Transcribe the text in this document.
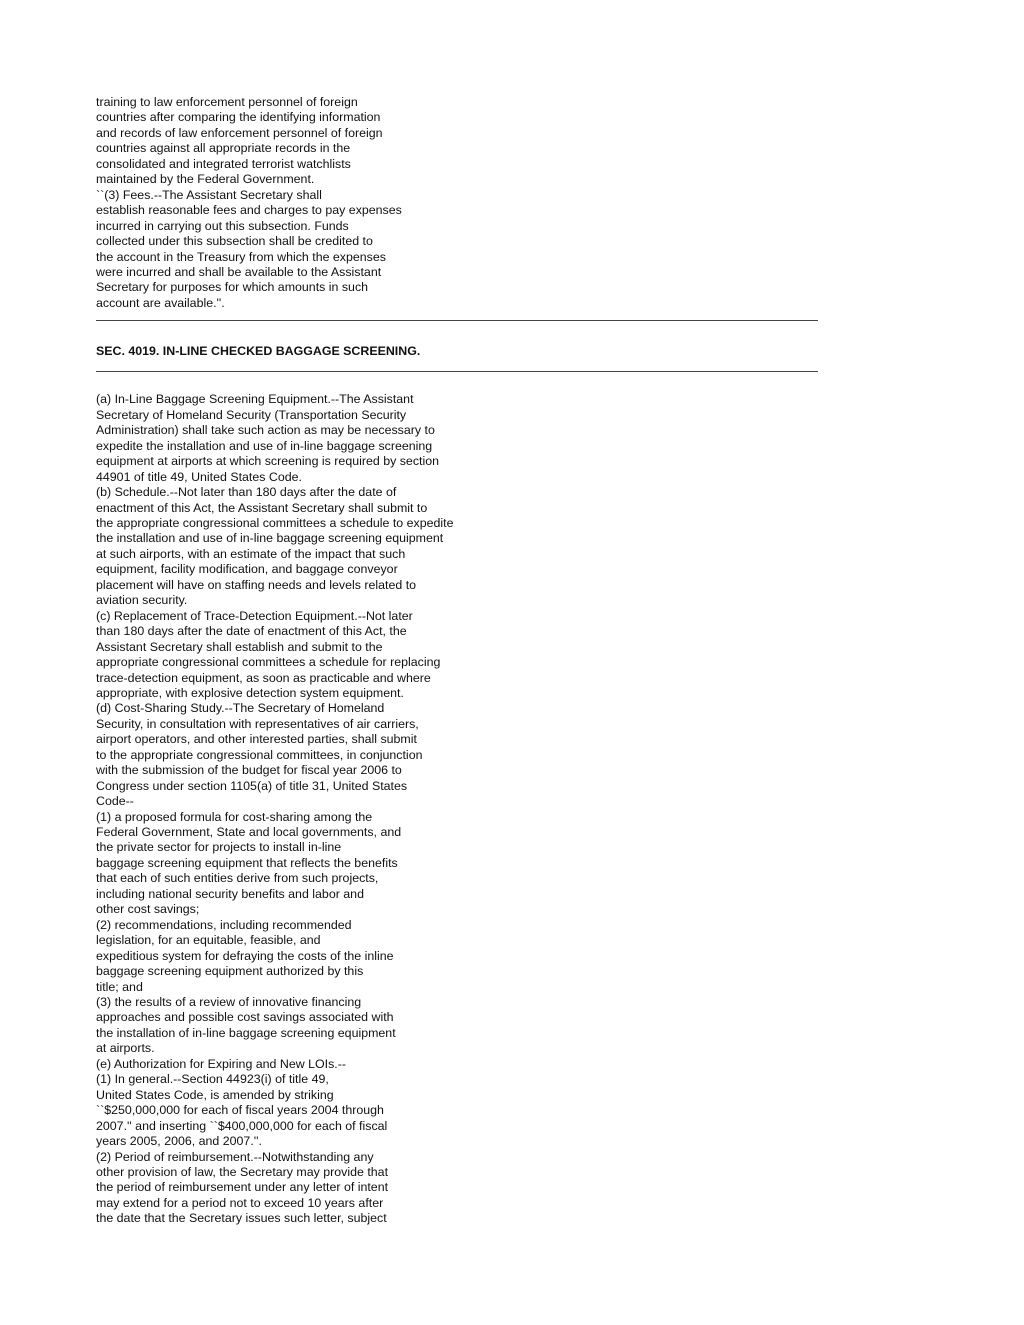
training to law enforcement personnel of foreign
countries after comparing the identifying information
and records of law enforcement personnel of foreign
countries against all appropriate records in the
consolidated and integrated terrorist watchlists
maintained by the Federal Government.
``(3) Fees.--The Assistant Secretary shall
establish reasonable fees and charges to pay expenses
incurred in carrying out this subsection. Funds
collected under this subsection shall be credited to
the account in the Treasury from which the expenses
were incurred and shall be available to the Assistant
Secretary for purposes for which amounts in such
account are available.''.
SEC. 4019. IN-LINE CHECKED BAGGAGE SCREENING.
(a) In-Line Baggage Screening Equipment.--The Assistant
Secretary of Homeland Security (Transportation Security
Administration) shall take such action as may be necessary to
expedite the installation and use of in-line baggage screening
equipment at airports at which screening is required by section
44901 of title 49, United States Code.
(b) Schedule.--Not later than 180 days after the date of
enactment of this Act, the Assistant Secretary shall submit to
the appropriate congressional committees a schedule to expedite
the installation and use of in-line baggage screening equipment
at such airports, with an estimate of the impact that such
equipment, facility modification, and baggage conveyor
placement will have on staffing needs and levels related to
aviation security.
(c) Replacement of Trace-Detection Equipment.--Not later
than 180 days after the date of enactment of this Act, the
Assistant Secretary shall establish and submit to the
appropriate congressional committees a schedule for replacing
trace-detection equipment, as soon as practicable and where
appropriate, with explosive detection system equipment.
(d) Cost-Sharing Study.--The Secretary of Homeland
Security, in consultation with representatives of air carriers,
airport operators, and other interested parties, shall submit
to the appropriate congressional committees, in conjunction
with the submission of the budget for fiscal year 2006 to
Congress under section 1105(a) of title 31, United States
Code--
(1) a proposed formula for cost-sharing among the
Federal Government, State and local governments, and
the private sector for projects to install in-line
baggage screening equipment that reflects the benefits
that each of such entities derive from such projects,
including national security benefits and labor and
other cost savings;
(2) recommendations, including recommended
legislation, for an equitable, feasible, and
expeditious system for defraying the costs of the inline
baggage screening equipment authorized by this
title; and
(3) the results of a review of innovative financing
approaches and possible cost savings associated with
the installation of in-line baggage screening equipment
at airports.
(e) Authorization for Expiring and New LOIs.--
(1) In general.--Section 44923(i) of title 49,
United States Code, is amended by striking
``$250,000,000 for each of fiscal years 2004 through
2007.'' and inserting ``$400,000,000 for each of fiscal
years 2005, 2006, and 2007.''.
(2) Period of reimbursement.--Notwithstanding any
other provision of law, the Secretary may provide that
the period of reimbursement under any letter of intent
may extend for a period not to exceed 10 years after
the date that the Secretary issues such letter, subject
